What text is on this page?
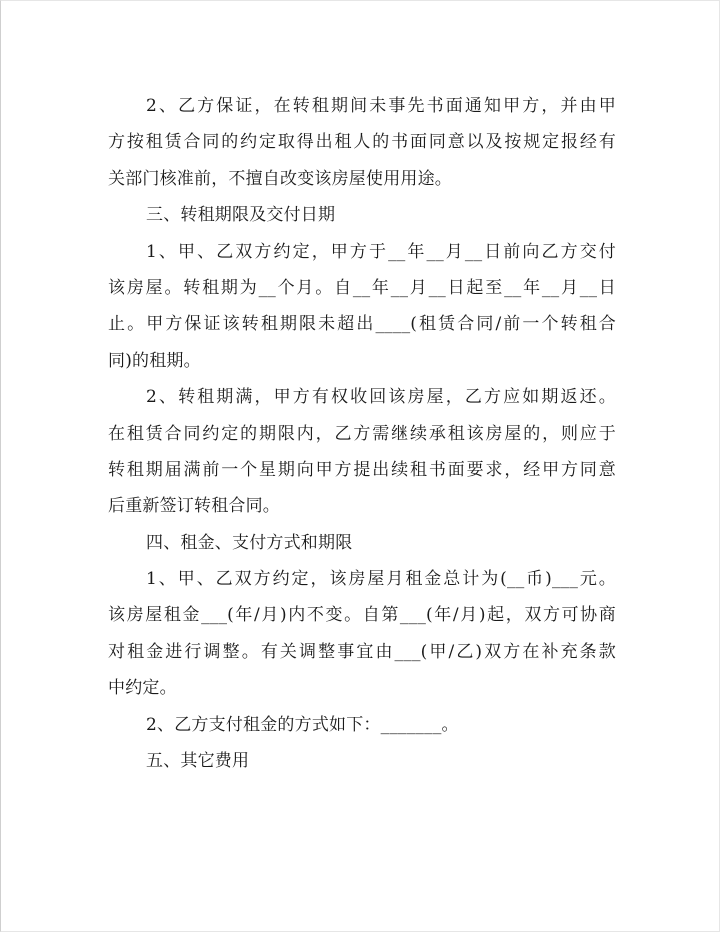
2、乙方保证，在转租期间未事先书面通知甲方，并由甲
方按租赁合同的约定取得出租人的书面同意以及按规定报经有
关部门核准前，不擅自改变该房屋使用用途。
三、转租期限及交付日期
1、甲、乙双方约定，甲方于__年__月__日前向乙方交付
该房屋。转租期为__个月。自__年__月__日起至__年__月__日
止。甲方保证该转租期限未超出____(租赁合同/前一个转租合
同)的租期。
2、转租期满，甲方有权收回该房屋，乙方应如期返还。
在租赁合同约定的期限内，乙方需继续承租该房屋的，则应于
转租期届满前一个星期向甲方提出续租书面要求，经甲方同意
后重新签订转租合同。
四、租金、支付方式和期限
1、甲、乙双方约定，该房屋月租金总计为(__币)___元。
该房屋租金___(年/月)内不变。自第___(年/月)起，双方可协商
对租金进行调整。有关调整事宜由___(甲/乙)双方在补充条款
中约定。
2、乙方支付租金的方式如下：_______。
五、其它费用
